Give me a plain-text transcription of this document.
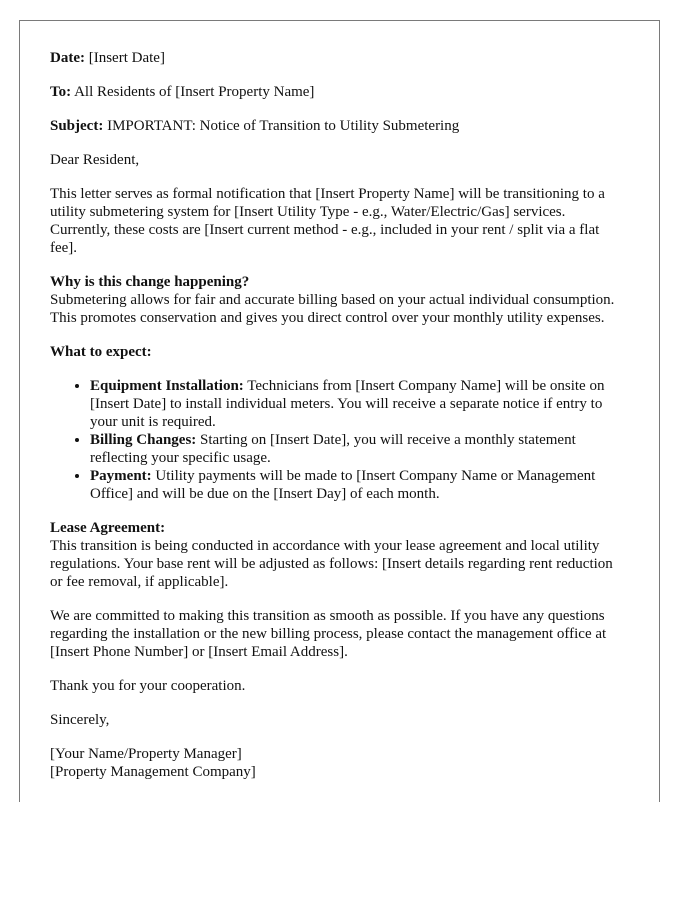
Date: [Insert Date]

To: All Residents of [Insert Property Name]

Subject: IMPORTANT: Notice of Transition to Utility Submetering

Dear Resident,

This letter serves as formal notification that [Insert Property Name] will be transitioning to a utility submetering system for [Insert Utility Type - e.g., Water/Electric/Gas] services. Currently, these costs are [Insert current method - e.g., included in your rent / split via a flat fee].

Why is this change happening?
Submetering allows for fair and accurate billing based on your actual individual consumption. This promotes conservation and gives you direct control over your monthly utility expenses.

What to expect:

• Equipment Installation: Technicians from [Insert Company Name] will be onsite on [Insert Date] to install individual meters. You will receive a separate notice if entry to your unit is required.
• Billing Changes: Starting on [Insert Date], you will receive a monthly statement reflecting your specific usage.
• Payment: Utility payments will be made to [Insert Company Name or Management Office] and will be due on the [Insert Day] of each month.

Lease Agreement:
This transition is being conducted in accordance with your lease agreement and local utility regulations. Your base rent will be adjusted as follows: [Insert details regarding rent reduction or fee removal, if applicable].

We are committed to making this transition as smooth as possible. If you have any questions regarding the installation or the new billing process, please contact the management office at [Insert Phone Number] or [Insert Email Address].

Thank you for your cooperation.

Sincerely,

[Your Name/Property Manager]
[Property Management Company]
